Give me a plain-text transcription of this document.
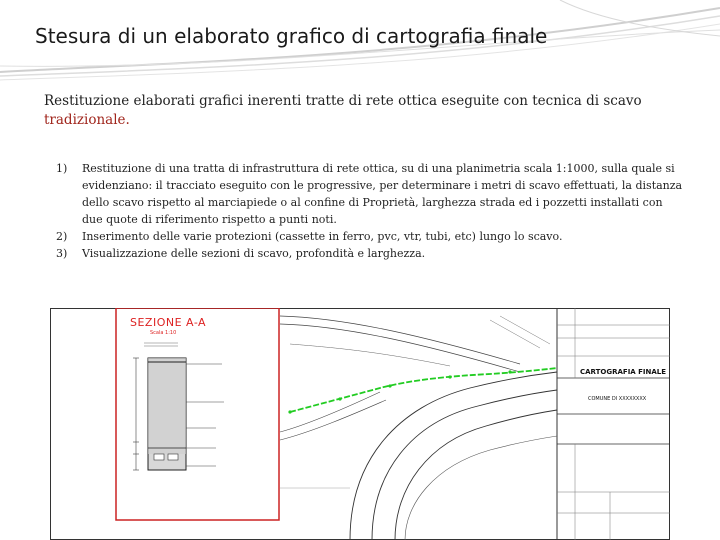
Stesura di un elaborato grafico di cartografia finale
Restituzione elaborati grafici inerenti tratte di rete ottica eseguite con tecnica di scavo tradizionale.
1) Restituzione di una tratta di infrastruttura di rete ottica, su di una planimetria scala 1:1000, sulla quale si evidenziano: il tracciato eseguito con le progressive, per determinare i metri di scavo effettuati, la distanza dello scavo rispetto al marciapiede o al confine di Proprietà, larghezza strada ed i pozzetti installati con due quote di riferimento rispetto a punti noti.
2) Inserimento delle varie protezioni (cassette in ferro, pvc, vtr, tubi, etc) lungo lo scavo.
3) Visualizzazione delle sezioni di scavo, profondità e larghezza.
SEZIONE A-A
Scala 1:10
CARTOGRAFIA FINALE
COMUNE DI XXXXXXXX
